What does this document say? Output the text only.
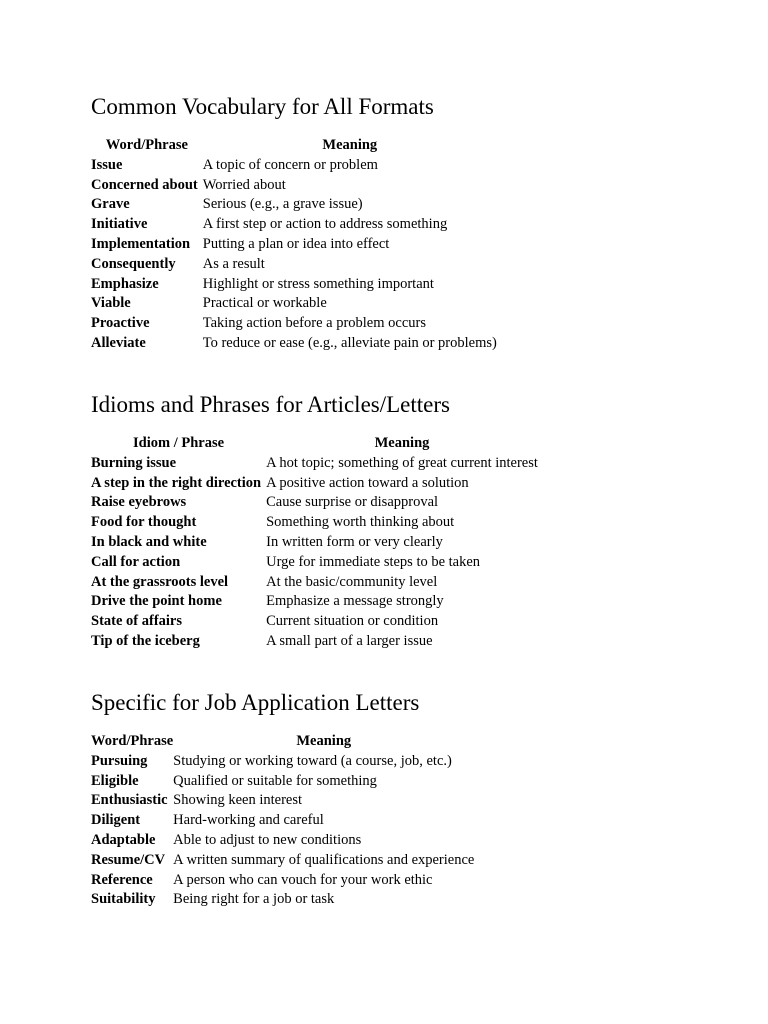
Common Vocabulary for All Formats
Word/Phrase	Meaning
Issue	A topic of concern or problem
Concerned about	Worried about
Grave	Serious (e.g., a grave issue)
Initiative	A first step or action to address something
Implementation	Putting a plan or idea into effect
Consequently	As a result
Emphasize	Highlight or stress something important
Viable	Practical or workable
Proactive	Taking action before a problem occurs
Alleviate	To reduce or ease (e.g., alleviate pain or problems)
Idioms and Phrases for Articles/Letters
Idiom / Phrase	Meaning
Burning issue	A hot topic; something of great current interest
A step in the right direction	A positive action toward a solution
Raise eyebrows	Cause surprise or disapproval
Food for thought	Something worth thinking about
In black and white	In written form or very clearly
Call for action	Urge for immediate steps to be taken
At the grassroots level	At the basic/community level
Drive the point home	Emphasize a message strongly
State of affairs	Current situation or condition
Tip of the iceberg	A small part of a larger issue
Specific for Job Application Letters
Word/Phrase	Meaning
Pursuing	Studying or working toward (a course, job, etc.)
Eligible	Qualified or suitable for something
Enthusiastic	Showing keen interest
Diligent	Hard-working and careful
Adaptable	Able to adjust to new conditions
Resume/CV	A written summary of qualifications and experience
Reference	A person who can vouch for your work ethic
Suitability	Being right for a job or task
